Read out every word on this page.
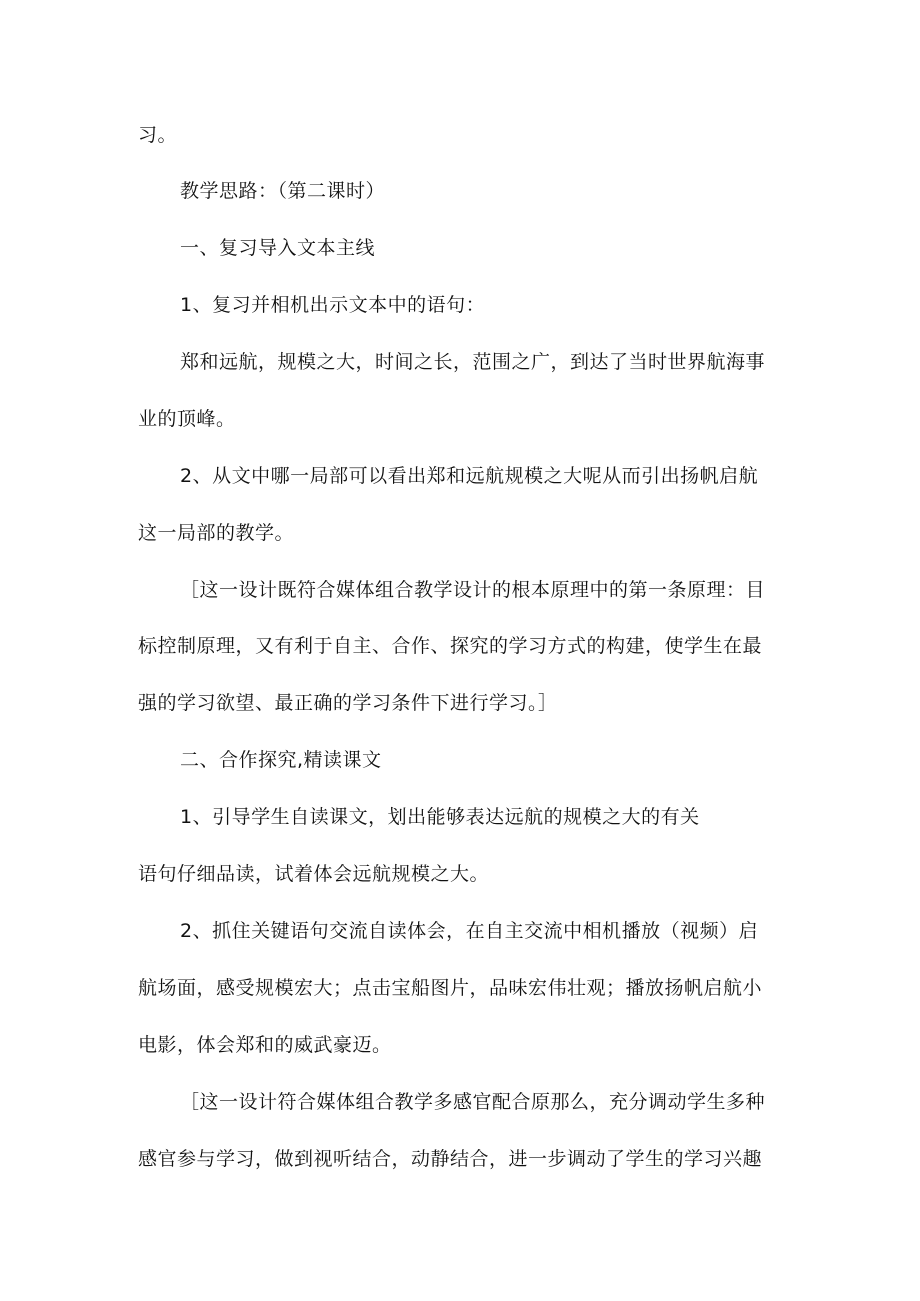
习。
教学思路：（第二课时）
一、复习导入文本主线
1、复习并相机出示文本中的语句：
郑和远航，规模之大，时间之长，范围之广，到达了当时世界航海事
业的顶峰。
2、从文中哪一局部可以看出郑和远航规模之大呢从而引出扬帆启航
这一局部的教学。
［这一设计既符合媒体组合教学设计的根本原理中的第一条原理：目
标控制原理，又有利于自主、合作、探究的学习方式的构建，使学生在最
强的学习欲望、最正确的学习条件下进行学习。］
二、合作探究,精读课文
1、引导学生自读课文，划出能够表达远航的规模之大的有关
语句仔细品读，试着体会远航规模之大。
2、抓住关键语句交流自读体会，在自主交流中相机播放（视频）启
航场面，感受规模宏大；点击宝船图片，品味宏伟壮观；播放扬帆启航小
电影，体会郑和的威武豪迈。
［这一设计符合媒体组合教学多感官配合原那么，充分调动学生多种
感官参与学习，做到视听结合，动静结合，进一步调动了学生的学习兴趣
